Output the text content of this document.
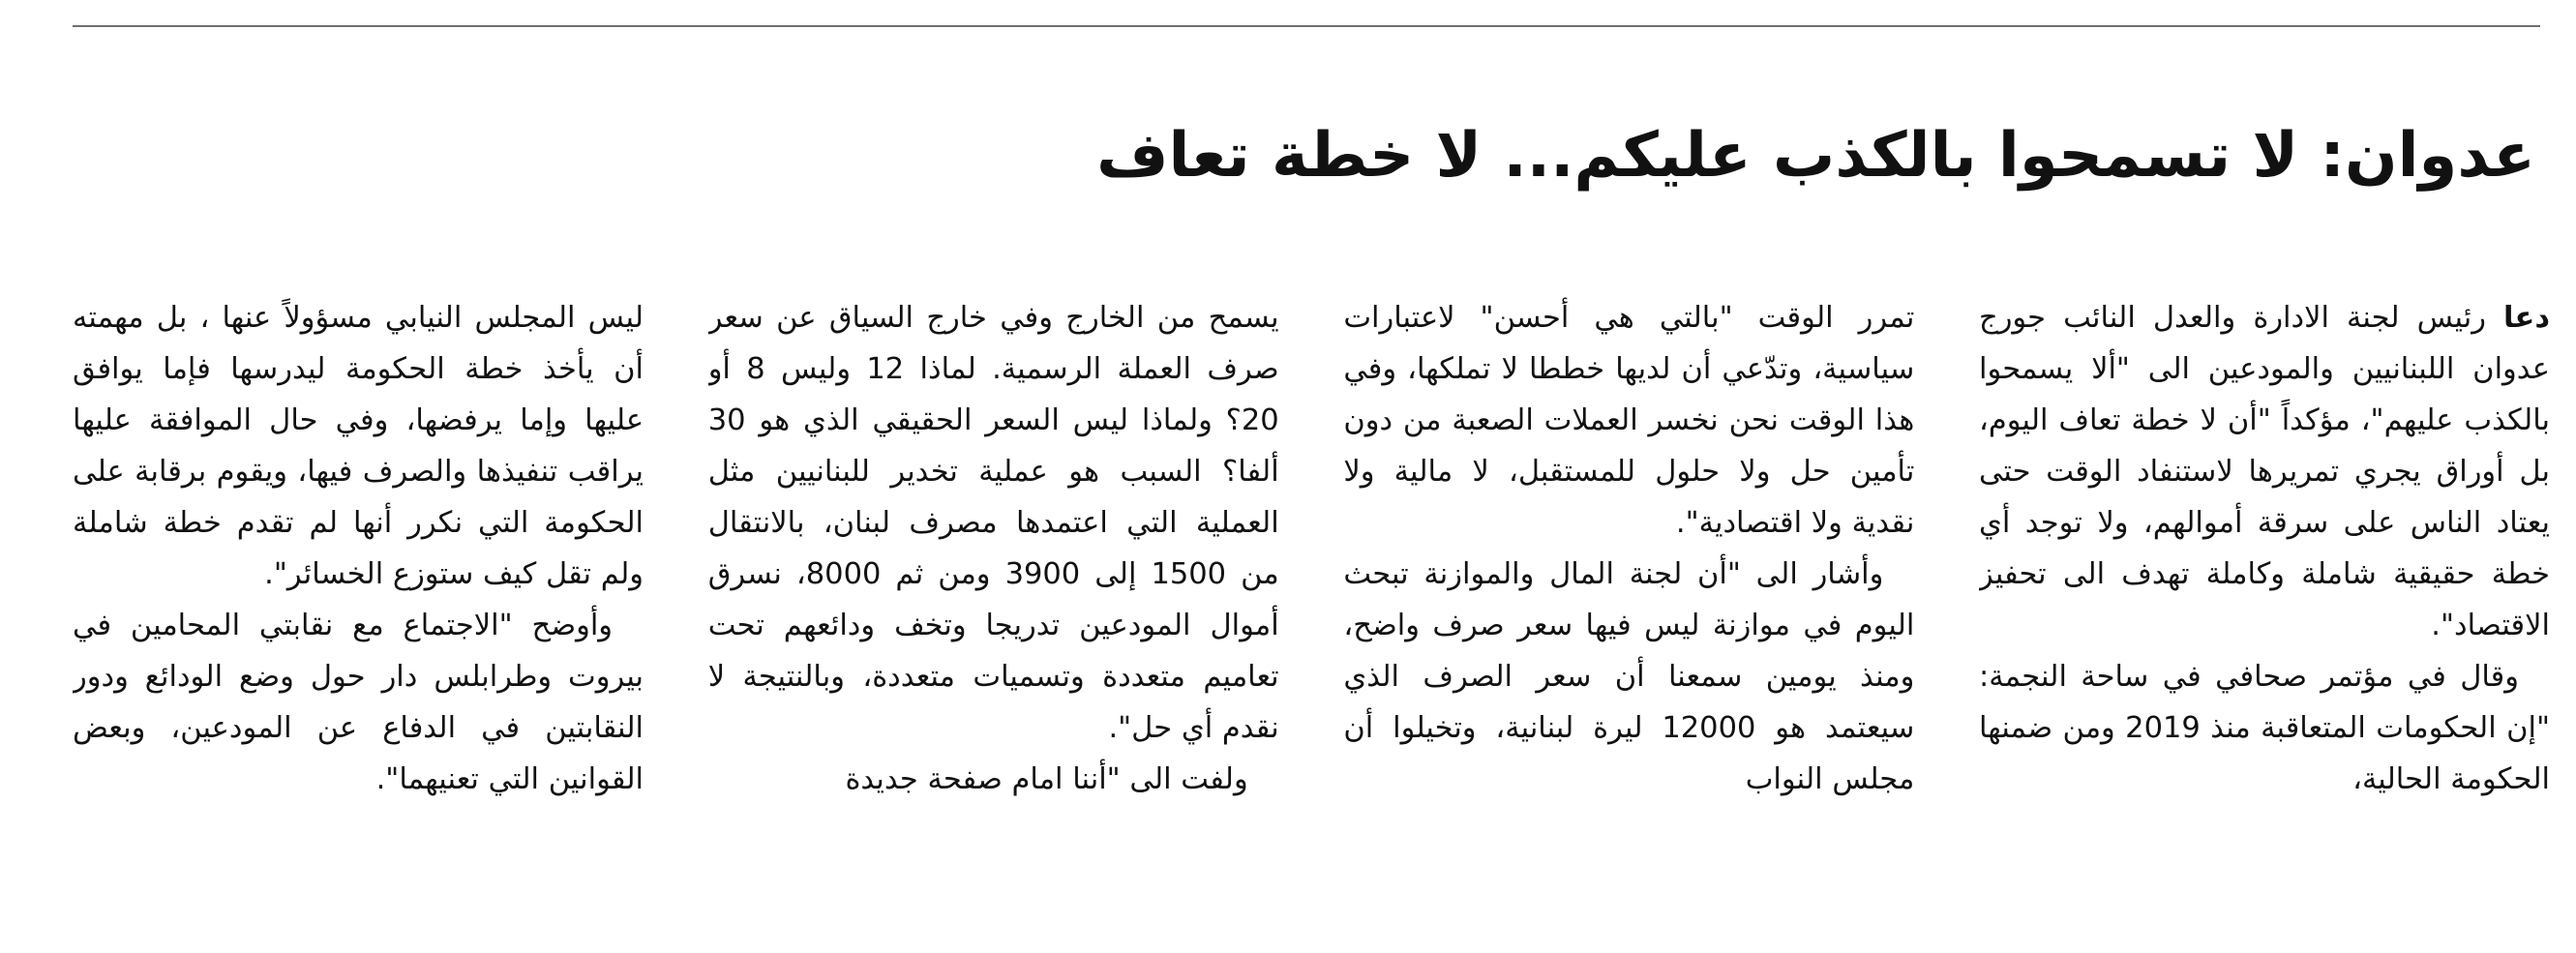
عدوان: لا تسمحوا بالكذب عليكم... لا خطة تعاف

دعا رئيس لجنة الادارة والعدل النائب جورج عدوان اللبنانيين والمودعين الى "ألا يسمحوا بالكذب عليهم"، مؤكداً "أن لا خطة تعاف اليوم، بل أوراق يجري تمريرها لاستنفاد الوقت حتى يعتاد الناس على سرقة أموالهم، ولا توجد أي خطة حقيقية شاملة وكاملة تهدف الى تحفيز الاقتصاد".

وقال في مؤتمر صحافي في ساحة النجمة: "إن الحكومات المتعاقبة منذ 2019 ومن ضمنها الحكومة الحالية،

تمرر الوقت "بالتي هي أحسن" لاعتبارات سياسية، وتدّعي أن لديها خططا لا تملكها، وفي هذا الوقت نحن نخسر العملات الصعبة من دون تأمين حل ولا حلول للمستقبل، لا مالية ولا نقدية ولا اقتصادية".

وأشار الى "أن لجنة المال والموازنة تبحث اليوم في موازنة ليس فيها سعر صرف واضح، ومنذ يومين سمعنا أن سعر الصرف الذي سيعتمد هو 12000 ليرة لبنانية، وتخيلوا أن مجلس النواب

يسمح من الخارج وفي خارج السياق عن سعر صرف العملة الرسمية. لماذا 12 وليس 8 أو 20؟ ولماذا ليس السعر الحقيقي الذي هو 30 ألفا؟ السبب هو عملية تخدير للبنانيين مثل العملية التي اعتمدها مصرف لبنان، بالانتقال من 1500 إلى 3900 ومن ثم 8000، نسرق أموال المودعين تدريجا وتخف ودائعهم تحت تعاميم متعددة وتسميات متعددة، وبالنتيجة لا نقدم أي حل".

ولفت الى "أننا امام صفحة جديدة

ليس المجلس النيابي مسؤولاً عنها ، بل مهمته أن يأخذ خطة الحكومة ليدرسها فإما يوافق عليها وإما يرفضها، وفي حال الموافقة عليها يراقب تنفيذها والصرف فيها، ويقوم برقابة على الحكومة التي نكرر أنها لم تقدم خطة شاملة ولم تقل كيف ستوزع الخسائر".

وأوضح "الاجتماع مع نقابتي المحامين في بيروت وطرابلس دار حول وضع الودائع ودور النقابتين في الدفاع عن المودعين، وبعض القوانين التي تعنيهما".
